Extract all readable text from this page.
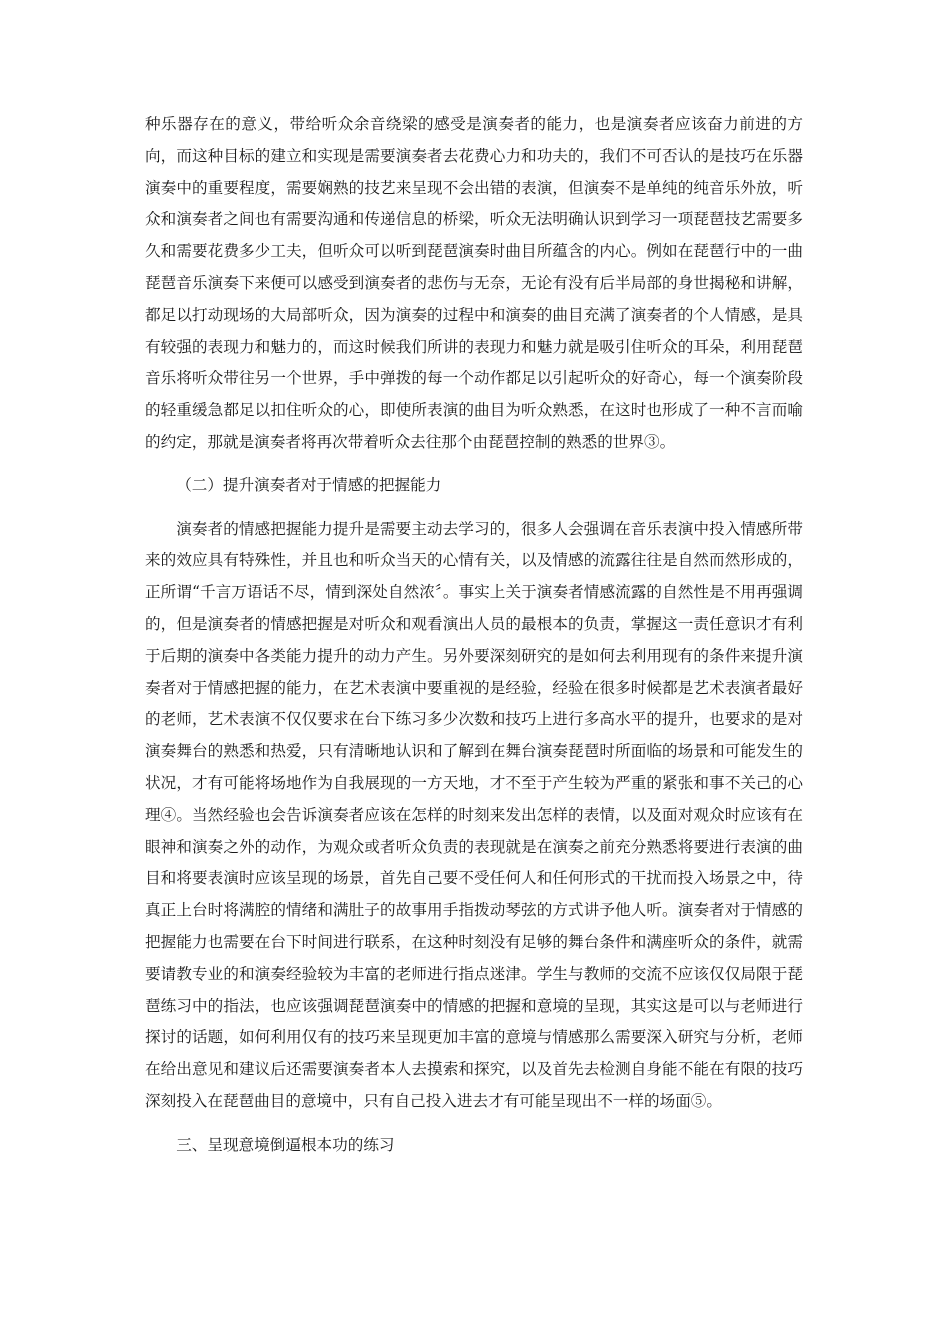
种乐器存在的意义，带给听众余音绕梁的感受是演奏者的能力，也是演奏者应该奋力前进的方向，而这种目标的建立和实现是需要演奏者去花费心力和功夫的，我们不可否认的是技巧在乐器演奏中的重要程度，需要娴熟的技艺来呈现不会出错的表演，但演奏不是单纯的纯音乐外放，听众和演奏者之间也有需要沟通和传递信息的桥梁，听众无法明确认识到学习一项琵琶技艺需要多久和需要花费多少工夫，但听众可以听到琵琶演奏时曲目所蕴含的内心。例如在琵琶行中的一曲琵琶音乐演奏下来便可以感受到演奏者的悲伤与无奈，无论有没有后半局部的身世揭秘和讲解，都足以打动现场的大局部听众，因为演奏的过程中和演奏的曲目充满了演奏者的个人情感，是具有较强的表现力和魅力的，而这时候我们所讲的表现力和魅力就是吸引住听众的耳朵，利用琵琶音乐将听众带往另一个世界，手中弹拨的每一个动作都足以引起听众的好奇心，每一个演奏阶段的轻重缓急都足以扣住听众的心，即使所表演的曲目为听众熟悉，在这时也形成了一种不言而喻的约定，那就是演奏者将再次带着听众去往那个由琵琶控制的熟悉的世界③。

（二）提升演奏者对于情感的把握能力

演奏者的情感把握能力提升是需要主动去学习的，很多人会强调在音乐表演中投入情感所带来的效应具有特殊性，并且也和听众当天的心情有关，以及情感的流露往往是自然而然形成的，正所谓“千言万语话不尽，情到深处自然浓〞。事实上关于演奏者情感流露的自然性是不用再强调的，但是演奏者的情感把握是对听众和观看演出人员的最根本的负责，掌握这一责任意识才有利于后期的演奏中各类能力提升的动力产生。另外要深刻研究的是如何去利用现有的条件来提升演奏者对于情感把握的能力，在艺术表演中要重视的是经验，经验在很多时候都是艺术表演者最好的老师，艺术表演不仅仅要求在台下练习多少次数和技巧上进行多高水平的提升，也要求的是对演奏舞台的熟悉和热爱，只有清晰地认识和了解到在舞台演奏琵琶时所面临的场景和可能发生的状况，才有可能将场地作为自我展现的一方天地，才不至于产生较为严重的紧张和事不关己的心理④。当然经验也会告诉演奏者应该在怎样的时刻来发出怎样的表情，以及面对观众时应该有在眼神和演奏之外的动作，为观众或者听众负责的表现就是在演奏之前充分熟悉将要进行表演的曲目和将要表演时应该呈现的场景，首先自己要不受任何人和任何形式的干扰而投入场景之中，待真正上台时将满腔的情绪和满肚子的故事用手指拨动琴弦的方式讲予他人听。演奏者对于情感的把握能力也需要在台下时间进行联系，在这种时刻没有足够的舞台条件和满座听众的条件，就需要请教专业的和演奏经验较为丰富的老师进行指点迷津。学生与教师的交流不应该仅仅局限于琵琶练习中的指法，也应该强调琵琶演奏中的情感的把握和意境的呈现，其实这是可以与老师进行探讨的话题，如何利用仅有的技巧来呈现更加丰富的意境与情感那么需要深入研究与分析，老师在给出意见和建议后还需要演奏者本人去摸索和探究，以及首先去检测自身能不能在有限的技巧深刻投入在琵琶曲目的意境中，只有自己投入进去才有可能呈现出不一样的场面⑤。

三、呈现意境倒逼根本功的练习
